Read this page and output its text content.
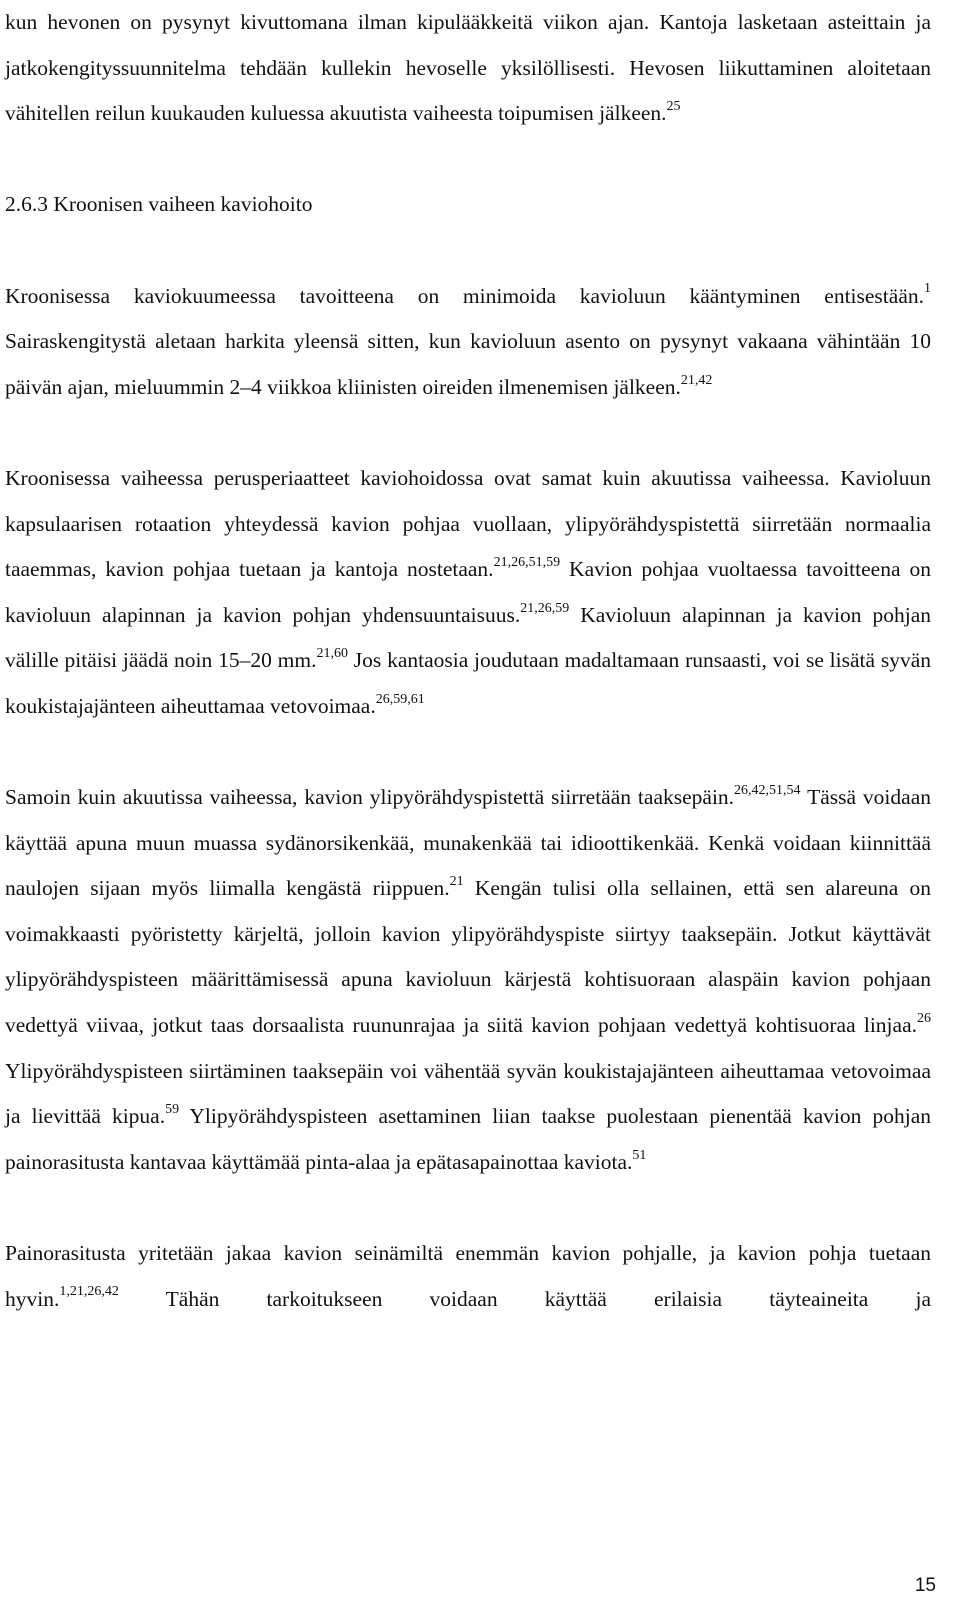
kun hevonen on pysynyt kivuttomana ilman kipulääkkeitä viikon ajan. Kantoja lasketaan asteittain ja jatkokengityssuunnitelma tehdään kullekin hevoselle yksilöllisesti. Hevosen liikuttaminen aloitetaan vähitellen reilun kuukauden kuluessa akuutista vaiheesta toipumisen jälkeen.$^{25}$

2.6.3 Kroonisen vaiheen kaviohoito

Kroonisessa kaviokuumeessa tavoitteena on minimoida kavioluun kääntyminen entisestään.$^1$ Sairaskengitystä aletaan harkita yleensä sitten, kun kavioluun asento on pysynyt vakaana vähintään 10 päivän ajan, mieluummin 2–4 viikkoa kliinisten oireiden ilmenemisen jälkeen.$^{21,42}$

Kroonisessa vaiheessa perusperiaatteet kaviohoidossa ovat samat kuin akuutissa vaiheessa. Kavioluun kapsulaarisen rotaation yhteydessä kavion pohjaa vuollaan, ylipyörähdyspistettä siirretään normaalia taaemmas, kavion pohjaa tuetaan ja kantoja nostetaan.$^{21,26,51,59}$ Kavion pohjaa vuoltaessa tavoitteena on kavioluun alapinnan ja kavion pohjan yhdensuuntaisuus.$^{21,26,59}$ Kavioluun alapinnan ja kavion pohjan välille pitäisi jäädä noin 15–20 mm.$^{21,60}$ Jos kantaosia joudutaan madaltamaan runsaasti, voi se lisätä syvän koukistajajänteen aiheuttamaa vetovoimaa.$^{26,59,61}$

Samoin kuin akuutissa vaiheessa, kavion ylipyörähdyspistettä siirretään taaksepäin.$^{26,42,51,54}$ Tässä voidaan käyttää apuna muun muassa sydänorsikenkää, munakenkää tai idioottikenkää. Kenkä voidaan kiinnittää naulojen sijaan myös liimalla kengästä riippuen.$^{21}$ Kengän tulisi olla sellainen, että sen alareuna on voimakkaasti pyöristetty kärjeltä, jolloin kavion ylipyörähdyspiste siirtyy taaksepäin. Jotkut käyttävät ylipyörähdyspisteen määrittämisessä apuna kavioluun kärjestä kohtisuoraan alaspäin kavion pohjaan vedettyä viivaa, jotkut taas dorsaalista ruununrajaa ja siitä kavion pohjaan vedettyä kohtisuoraa linjaa.$^{26}$ Ylipyörähdyspisteen siirtäminen taaksepäin voi vähentää syvän koukistajajänteen aiheuttamaa vetovoimaa ja lievittää kipua.$^{59}$ Ylipyörähdyspisteen asettaminen liian taakse puolestaan pienentää kavion pohjan painorasitusta kantavaa käyttämää pinta-alaa ja epätasapainottaa kaviota.$^{51}$

Painorasitusta yritetään jakaa kavion seinämiltä enemmän kavion pohjalle, ja kavion pohja tuetaan hyvin.$^{1,21,26,42}$ Tähän tarkoitukseen voidaan käyttää erilaisia täyteaineita ja

15
